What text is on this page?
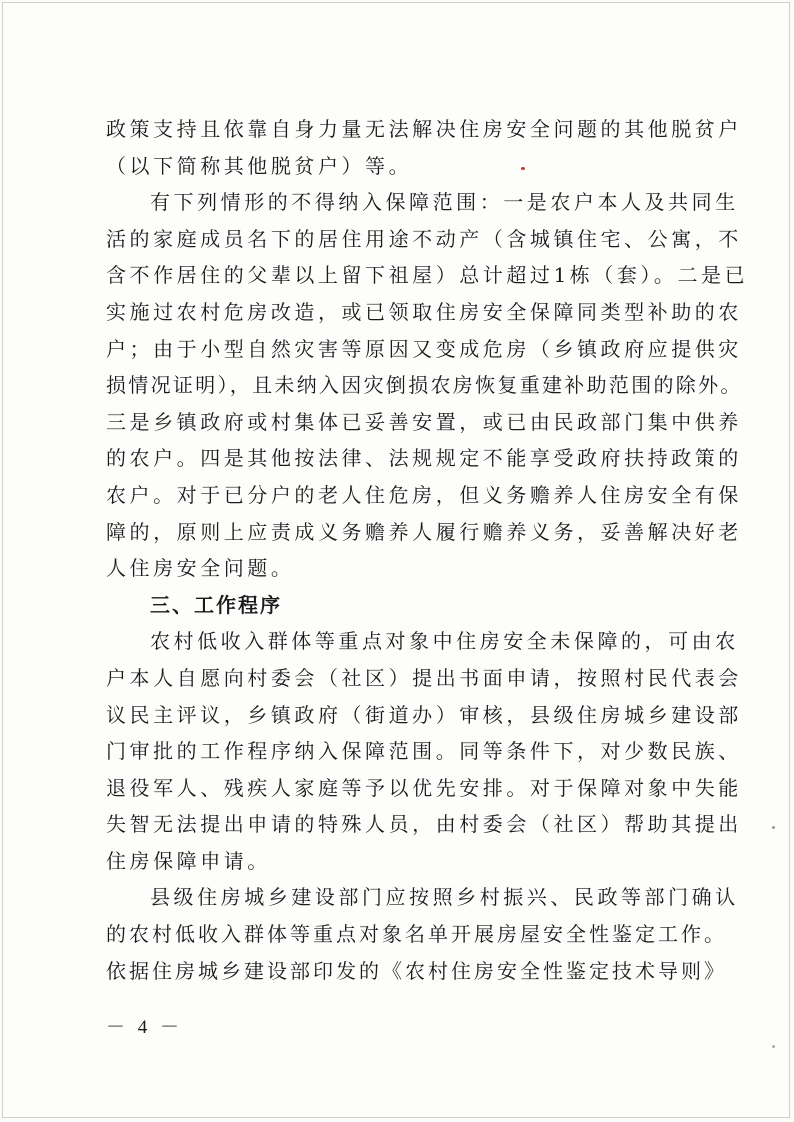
政策支持且依靠自身力量无法解决住房安全问题的其他脱贫户
（以下简称其他脱贫户）等。
有下列情形的不得纳入保障范围：一是农户本人及共同生
活的家庭成员名下的居住用途不动产（含城镇住宅、公寓，不
含不作居住的父辈以上留下祖屋）总计超过1栋（套）。二是已
实施过农村危房改造，或已领取住房安全保障同类型补助的农
户；由于小型自然灾害等原因又变成危房（乡镇政府应提供灾
损情况证明），且未纳入因灾倒损农房恢复重建补助范围的除外。
三是乡镇政府或村集体已妥善安置，或已由民政部门集中供养
的农户。四是其他按法律、法规规定不能享受政府扶持政策的
农户。对于已分户的老人住危房，但义务赡养人住房安全有保
障的，原则上应责成义务赡养人履行赡养义务，妥善解决好老
人住房安全问题。
三、工作程序
农村低收入群体等重点对象中住房安全未保障的，可由农
户本人自愿向村委会（社区）提出书面申请，按照村民代表会
议民主评议，乡镇政府（街道办）审核，县级住房城乡建设部
门审批的工作程序纳入保障范围。同等条件下，对少数民族、
退役军人、残疾人家庭等予以优先安排。对于保障对象中失能
失智无法提出申请的特殊人员，由村委会（社区）帮助其提出
住房保障申请。
县级住房城乡建设部门应按照乡村振兴、民政等部门确认
的农村低收入群体等重点对象名单开展房屋安全性鉴定工作。
依据住房城乡建设部印发的《农村住房安全性鉴定技术导则》
－ 4 －
